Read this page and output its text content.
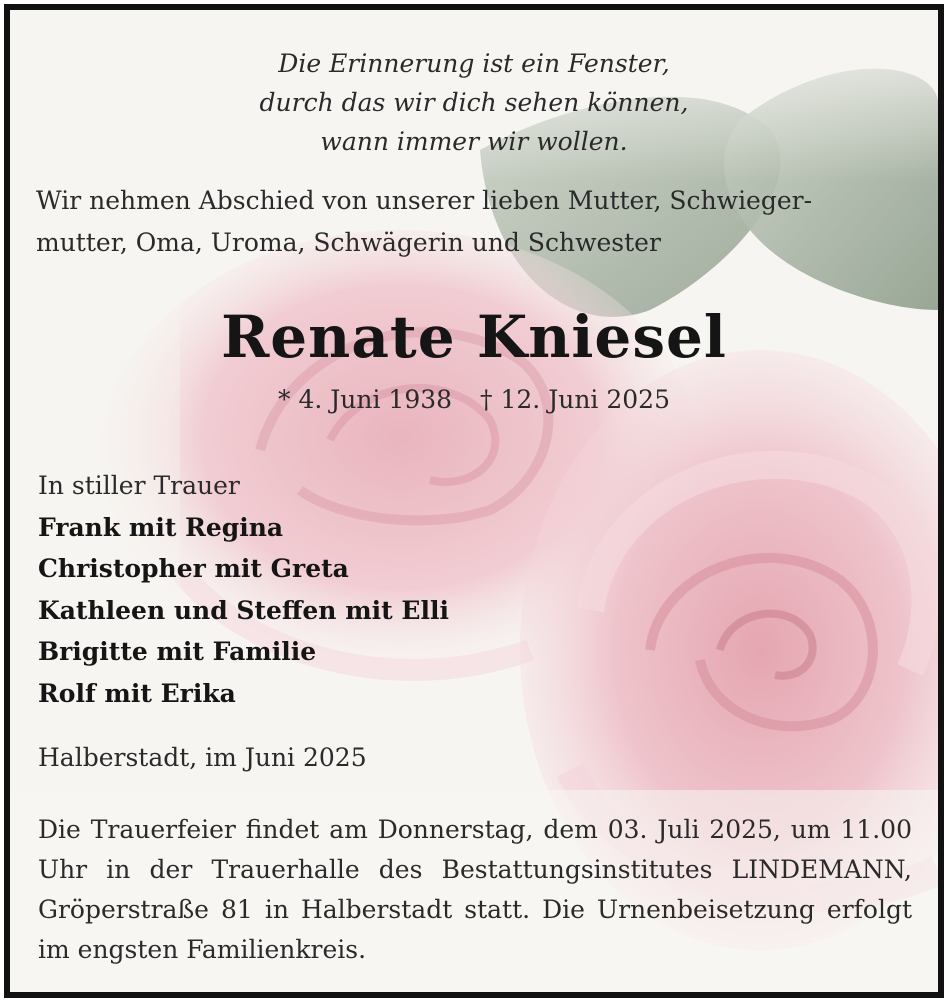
Die Erinnerung ist ein Fenster,
durch das wir dich sehen können,
wann immer wir wollen.
Wir nehmen Abschied von unserer lieben Mutter, Schwieger-
mutter, Oma, Uroma, Schwägerin und Schwester
Renate Kniesel
* 4. Juni 1938 † 12. Juni 2025
In stiller Trauer
Frank mit Regina
Christopher mit Greta
Kathleen und Steffen mit Elli
Brigitte mit Familie
Rolf mit Erika
Halberstadt, im Juni 2025
Die Trauerfeier findet am Donnerstag, dem 03. Juli 2025, um 11.00 Uhr in der Trauerhalle des Bestattungsinstitutes LINDEMANN, Gröperstraße 81 in Halberstadt statt. Die Urnenbeisetzung erfolgt im engsten Familienkreis.
